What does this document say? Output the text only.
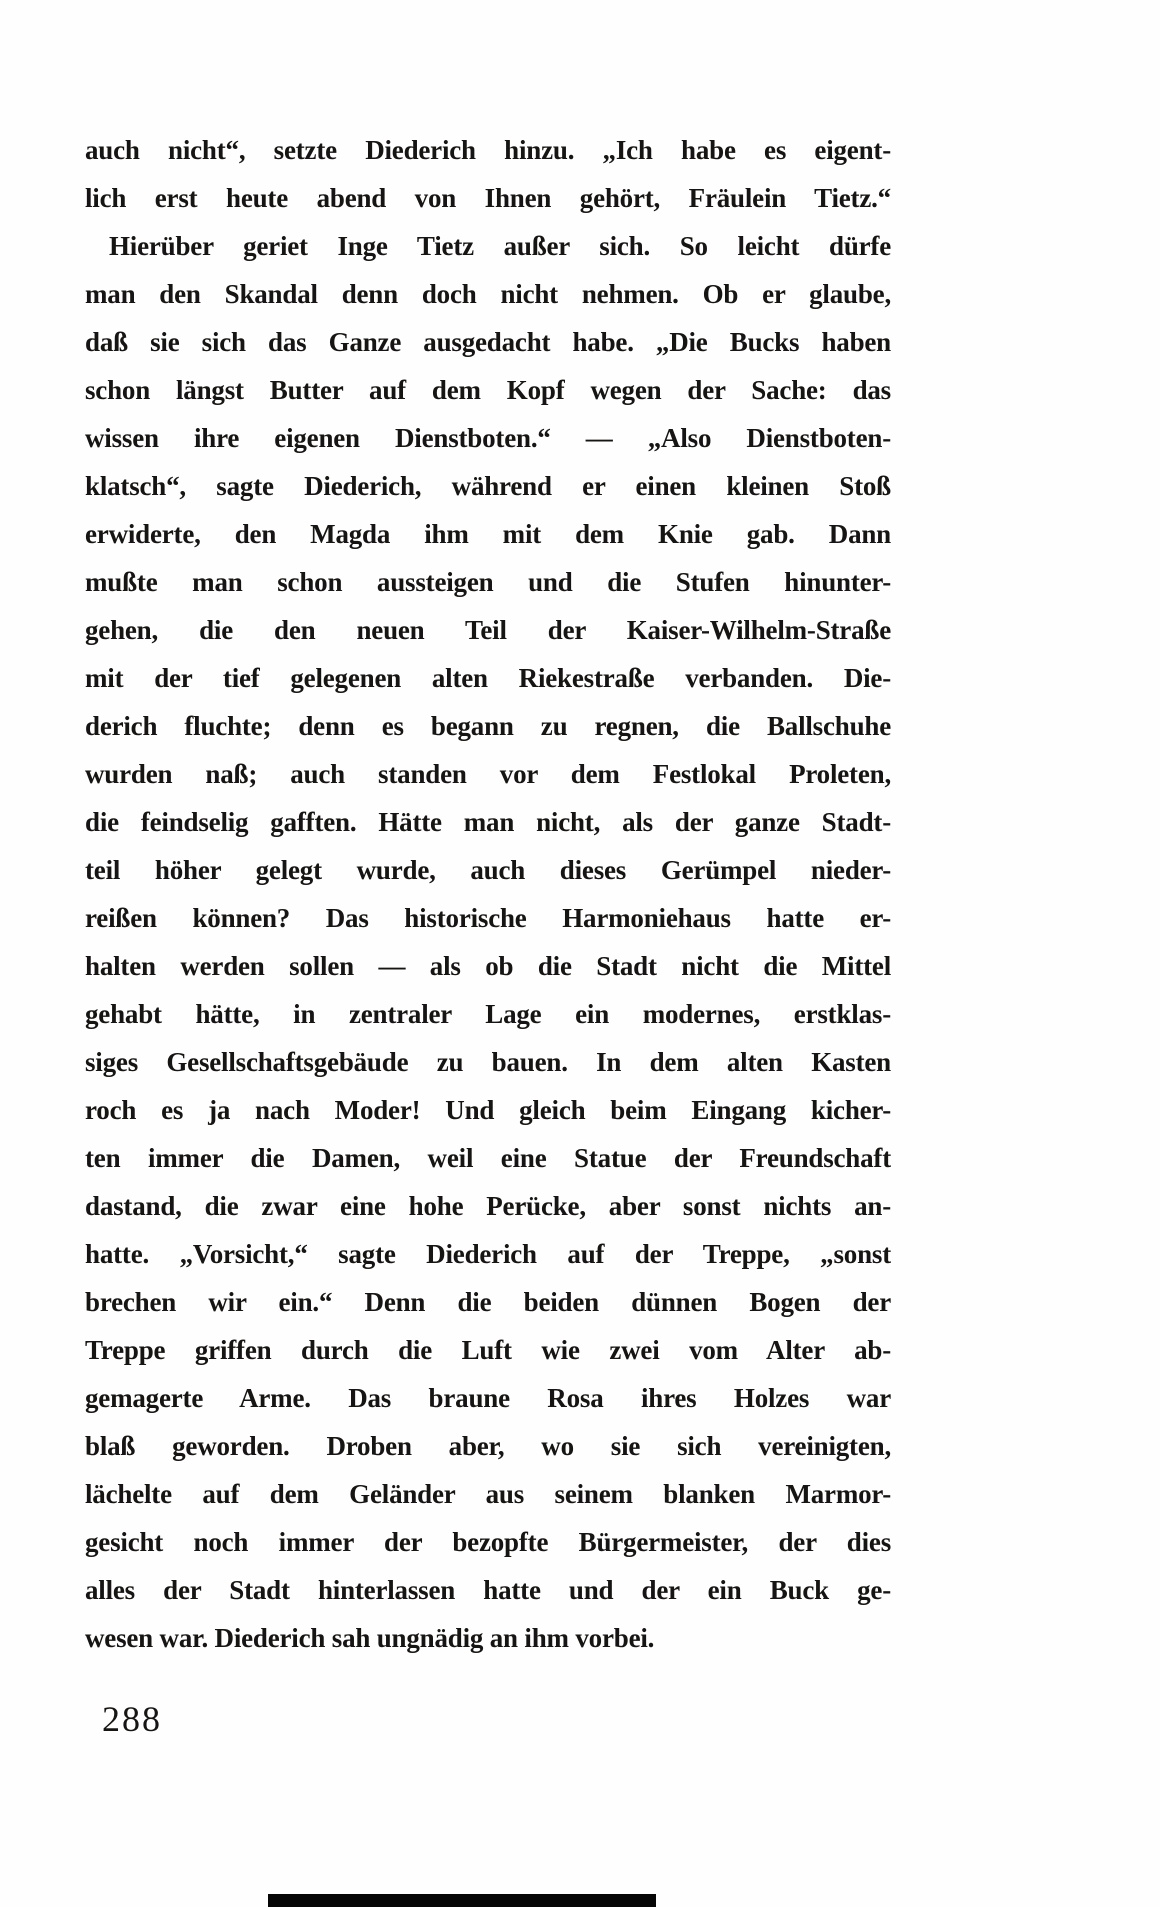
auch nicht“, setzte Diederich hinzu. „Ich habe es eigent-
lich erst heute abend von Ihnen gehört, Fräulein Tietz.“
Hierüber geriet Inge Tietz außer sich. So leicht dürfe
man den Skandal denn doch nicht nehmen. Ob er glaube,
daß sie sich das Ganze ausgedacht habe. „Die Bucks haben
schon längst Butter auf dem Kopf wegen der Sache: das
wissen ihre eigenen Dienstboten.“ — „Also Dienstboten-
klatsch“, sagte Diederich, während er einen kleinen Stoß
erwiderte, den Magda ihm mit dem Knie gab. Dann
mußte man schon aussteigen und die Stufen hinunter-
gehen, die den neuen Teil der Kaiser-Wilhelm-Straße
mit der tief gelegenen alten Riekestraße verbanden. Die-
derich fluchte; denn es begann zu regnen, die Ballschuhe
wurden naß; auch standen vor dem Festlokal Proleten,
die feindselig gafften. Hätte man nicht, als der ganze Stadt-
teil höher gelegt wurde, auch dieses Gerümpel nieder-
reißen können? Das historische Harmoniehaus hatte er-
halten werden sollen — als ob die Stadt nicht die Mittel
gehabt hätte, in zentraler Lage ein modernes, erstklas-
siges Gesellschaftsgebäude zu bauen. In dem alten Kasten
roch es ja nach Moder! Und gleich beim Eingang kicher-
ten immer die Damen, weil eine Statue der Freundschaft
dastand, die zwar eine hohe Perücke, aber sonst nichts an-
hatte. „Vorsicht,“ sagte Diederich auf der Treppe, „sonst
brechen wir ein.“ Denn die beiden dünnen Bogen der
Treppe griffen durch die Luft wie zwei vom Alter ab-
gemagerte Arme. Das braune Rosa ihres Holzes war
blaß geworden. Droben aber, wo sie sich vereinigten,
lächelte auf dem Geländer aus seinem blanken Marmor-
gesicht noch immer der bezopfte Bürgermeister, der dies
alles der Stadt hinterlassen hatte und der ein Buck ge-
wesen war. Diederich sah ungnädig an ihm vorbei.
288
